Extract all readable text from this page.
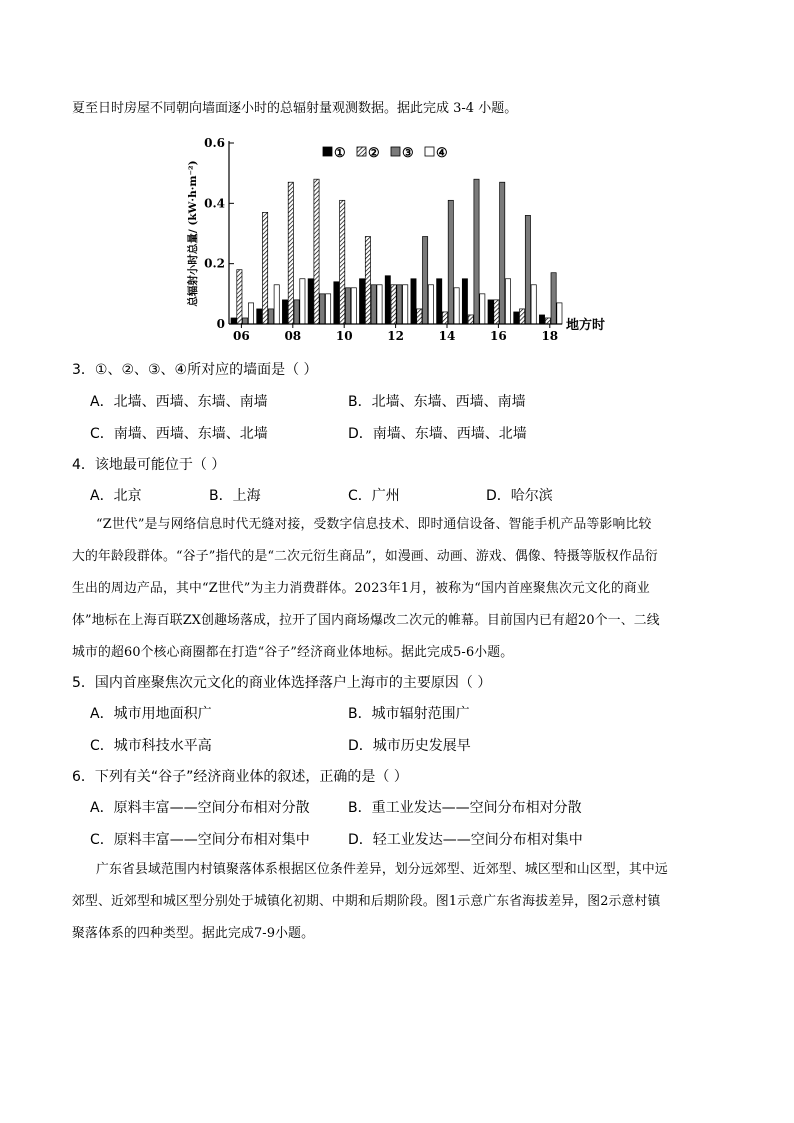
夏至日时房屋不同朝向墙面逐小时的总辐射量观测数据。据此完成 3-4 小题。
0
0.2
0.4
0.6
06	08	10	12	14	16	18
地方时
总辐射小时总量/ (kW·h·m⁻²)
① ② ③ ④
3．①、②、③、④所对应的墙面是（ ）
A．北墙、西墙、东墙、南墙	B．北墙、东墙、西墙、南墙
C．南墙、西墙、东墙、北墙	D．南墙、东墙、西墙、北墙
4．该地最可能位于（ ）
A．北京	B．上海	C．广州	D．哈尔滨
“Z世代”是与网络信息时代无缝对接，受数字信息技术、即时通信设备、智能手机产品等影响比较
大的年龄段群体。“谷子”指代的是“二次元衍生商品”，如漫画、动画、游戏、偶像、特摄等版权作品衍
生出的周边产品，其中“Z世代”为主力消费群体。2023年1月，被称为“国内首座聚焦次元文化的商业
体”地标在上海百联ZX创趣场落成，拉开了国内商场爆改二次元的帷幕。目前国内已有超20个一、二线
城市的超60个核心商圈都在打造“谷子”经济商业体地标。据此完成5-6小题。
5．国内首座聚焦次元文化的商业体选择落户上海市的主要原因（ ）
A．城市用地面积广	B．城市辐射范围广
C．城市科技水平高	D．城市历史发展早
6．下列有关“谷子”经济商业体的叙述，正确的是（ ）
A．原料丰富——空间分布相对分散	B．重工业发达——空间分布相对分散
C．原料丰富——空间分布相对集中	D．轻工业发达——空间分布相对集中
广东省县域范围内村镇聚落体系根据区位条件差异，划分远郊型、近郊型、城区型和山区型，其中远
郊型、近郊型和城区型分别处于城镇化初期、中期和后期阶段。图1示意广东省海拔差异，图2示意村镇
聚落体系的四种类型。据此完成7-9小题。
